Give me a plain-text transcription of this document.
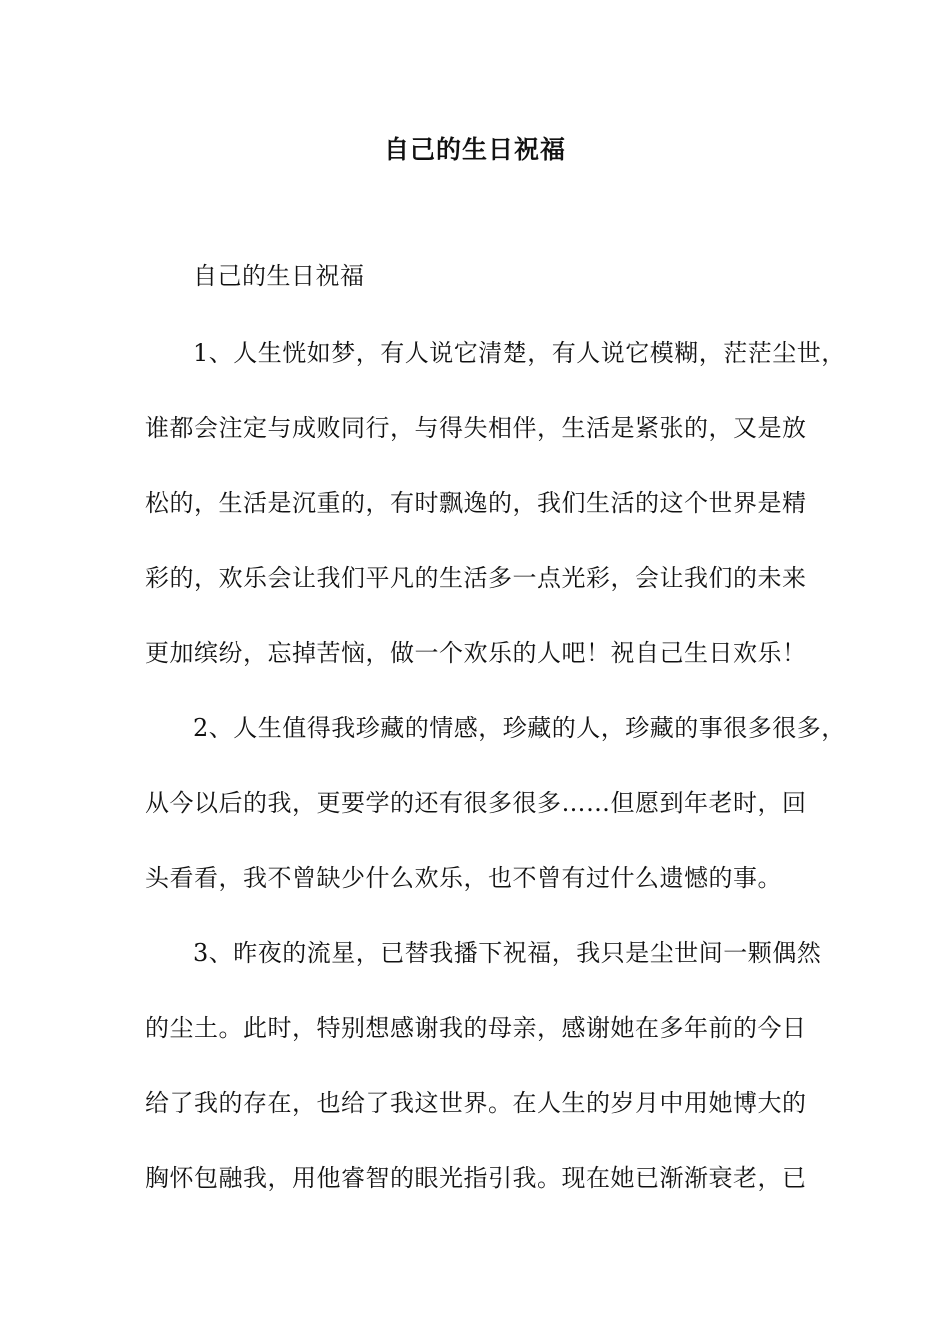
自己的生日祝福
自己的生日祝福
1、人生恍如梦，有人说它清楚，有人说它模糊，茫茫尘世，
谁都会注定与成败同行，与得失相伴，生活是紧张的，又是放
松的，生活是沉重的，有时飘逸的，我们生活的这个世界是精
彩的，欢乐会让我们平凡的生活多一点光彩，会让我们的未来
更加缤纷，忘掉苦恼，做一个欢乐的人吧！祝自己生日欢乐！
2、人生值得我珍藏的情感，珍藏的人，珍藏的事很多很多，
从今以后的我，更要学的还有很多很多……但愿到年老时，回
头看看，我不曾缺少什么欢乐，也不曾有过什么遗憾的事。
3、昨夜的流星，已替我播下祝福，我只是尘世间一颗偶然
的尘土。此时，特别想感谢我的母亲，感谢她在多年前的今日
给了我的存在，也给了我这世界。在人生的岁月中用她博大的
胸怀包融我，用他睿智的眼光指引我。现在她已渐渐衰老，已
